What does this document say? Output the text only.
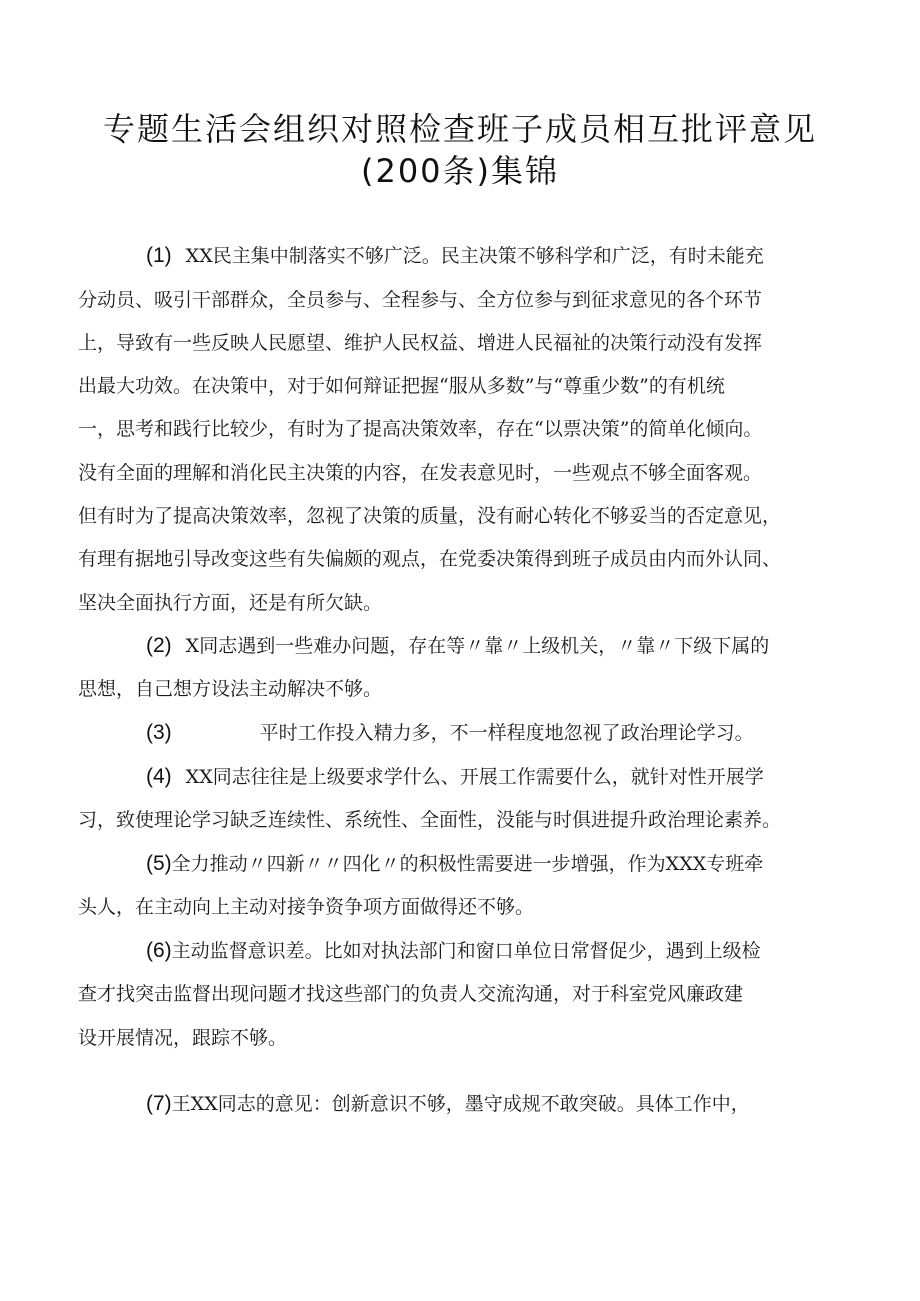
专题生活会组织对照检查班子成员相互批评意见
(200条)集锦
(1) XX民主集中制落实不够广泛。民主决策不够科学和广泛，有时未能充
分动员、吸引干部群众，全员参与、全程参与、全方位参与到征求意见的各个环节
上，导致有一些反映人民愿望、维护人民权益、增进人民福祉的决策行动没有发挥
出最大功效。在决策中，对于如何辩证把握“服从多数”与“尊重少数”的有机统
一，思考和践行比较少，有时为了提高决策效率，存在“以票决策”的简单化倾向。
没有全面的理解和消化民主决策的内容，在发表意见时，一些观点不够全面客观。
但有时为了提高决策效率，忽视了决策的质量，没有耐心转化不够妥当的否定意见，
有理有据地引导改变这些有失偏颇的观点，在党委决策得到班子成员由内而外认同、
坚决全面执行方面，还是有所欠缺。
(2) X同志遇到一些难办问题，存在等〃靠〃上级机关，〃靠〃下级下属的
思想，自己想方设法主动解决不够。
(3)	平时工作投入精力多，不一样程度地忽视了政治理论学习。
(4) XX同志往往是上级要求学什么、开展工作需要什么，就针对性开展学
习，致使理论学习缺乏连续性、系统性、全面性，没能与时俱进提升政治理论素养。
(5) 全力推动〃四新〃〃四化〃的积极性需要进一步增强，作为XXX专班牵
头人，在主动向上主动对接争资争项方面做得还不够。
(6) 主动监督意识差。比如对执法部门和窗口单位日常督促少，遇到上级检
查才找突击监督出现问题才找这些部门的负责人交流沟通，对于科室党风廉政建
设开展情况，跟踪不够。
(7) 王XX同志的意见：创新意识不够，墨守成规不敢突破。具体工作中，
